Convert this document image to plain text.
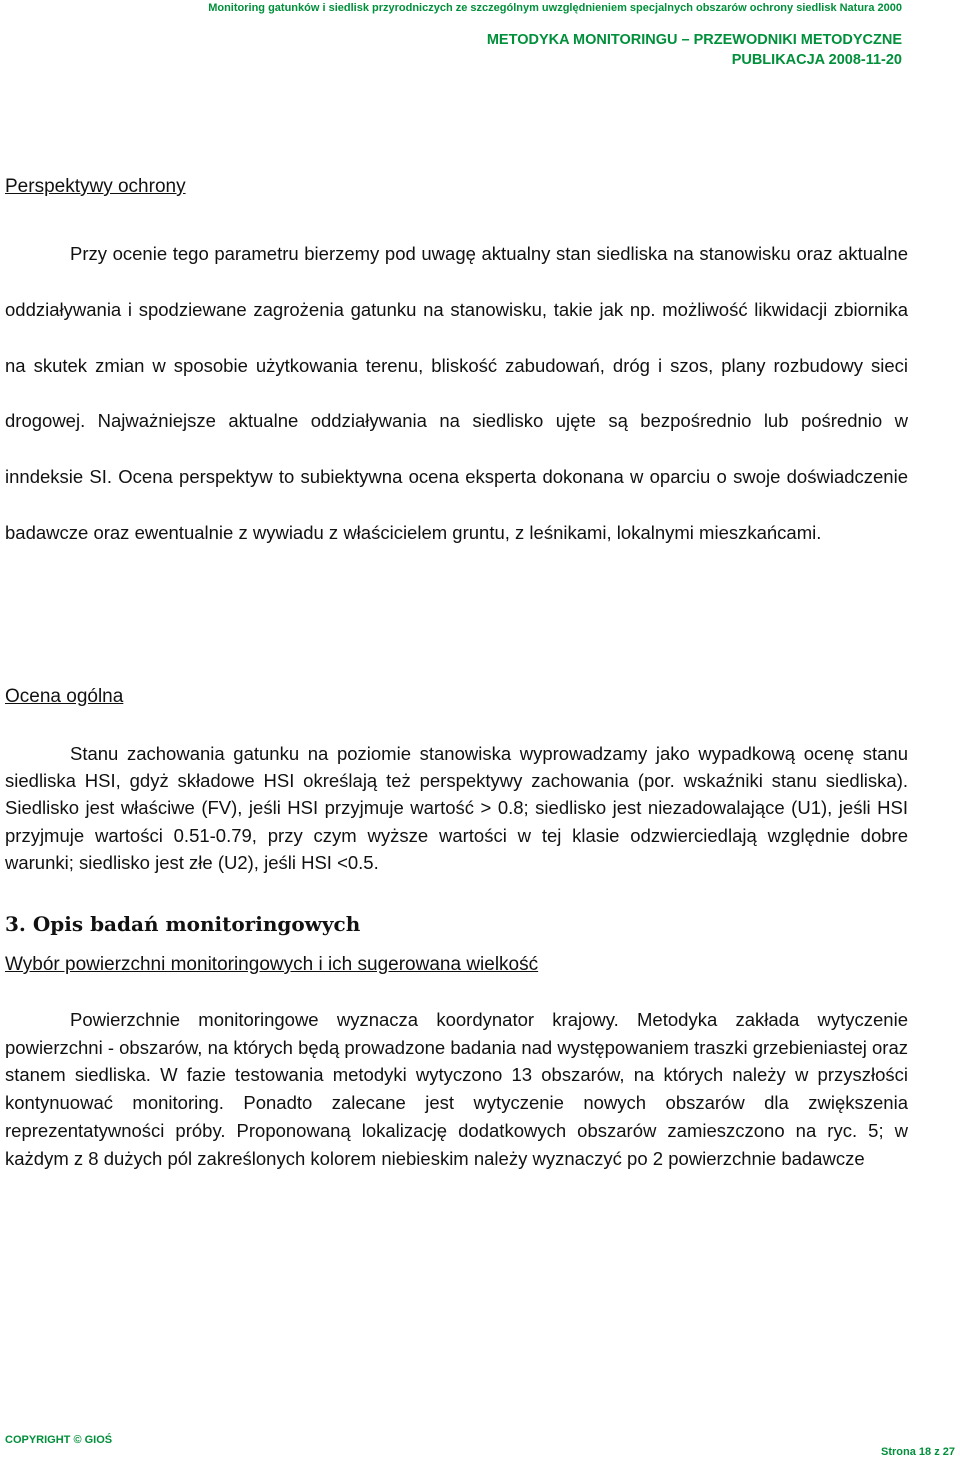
Monitoring gatunków i siedlisk przyrodniczych ze szczególnym uwzględnieniem specjalnych obszarów ochrony siedlisk Natura 2000
METODYKA MONITORINGU – PRZEWODNIKI METODYCZNE
PUBLIKACJA 2008-11-20
Perspektywy ochrony

Przy ocenie tego parametru bierzemy pod uwagę aktualny stan siedliska na stanowisku oraz aktualne oddziaływania i spodziewane zagrożenia gatunku na stanowisku, takie jak np. możliwość likwidacji zbiornika na skutek zmian w sposobie użytkowania terenu, bliskość zabudowań, dróg i szos, plany rozbudowy sieci drogowej. Najważniejsze aktualne oddziaływania na siedlisko ujęte są bezpośrednio lub pośrednio w inndeksie SI. Ocena perspektyw to subiektywna ocena eksperta dokonana w oparciu o swoje doświadczenie badawcze oraz ewentualnie z wywiadu z właścicielem gruntu, z leśnikami, lokalnymi mieszkańcami.

Ocena ogólna

Stanu zachowania gatunku na poziomie stanowiska wyprowadzamy jako wypadkową ocenę stanu siedliska HSI, gdyż składowe HSI określają też perspektywy zachowania (por. wskaźniki stanu siedliska). Siedlisko jest właściwe (FV), jeśli HSI przyjmuje wartość > 0.8; siedlisko jest niezadowalające (U1), jeśli HSI przyjmuje wartości 0.51-0.79, przy czym wyższe wartości w tej klasie odzwierciedlają względnie dobre warunki; siedlisko jest złe (U2), jeśli HSI <0.5.

3. Opis badań monitoringowych
Wybór powierzchni monitoringowych i ich sugerowana wielkość

Powierzchnie monitoringowe wyznacza koordynator krajowy. Metodyka zakłada wytyczenie powierzchni - obszarów, na których będą prowadzone badania nad występowaniem traszki grzebieniastej oraz stanem siedliska. W fazie testowania metodyki wytyczono 13 obszarów, na których należy w przyszłości kontynuować monitoring. Ponadto zalecane jest wytyczenie nowych obszarów dla zwiększenia reprezentatywności próby. Proponowaną lokalizację dodatkowych obszarów zamieszczono na ryc. 5; w każdym z 8 dużych pól zakreślonych kolorem niebieskim należy wyznaczyć po 2 powierzchnie badawcze

COPYRIGHT © GIOŚ
Strona 18 z 27
